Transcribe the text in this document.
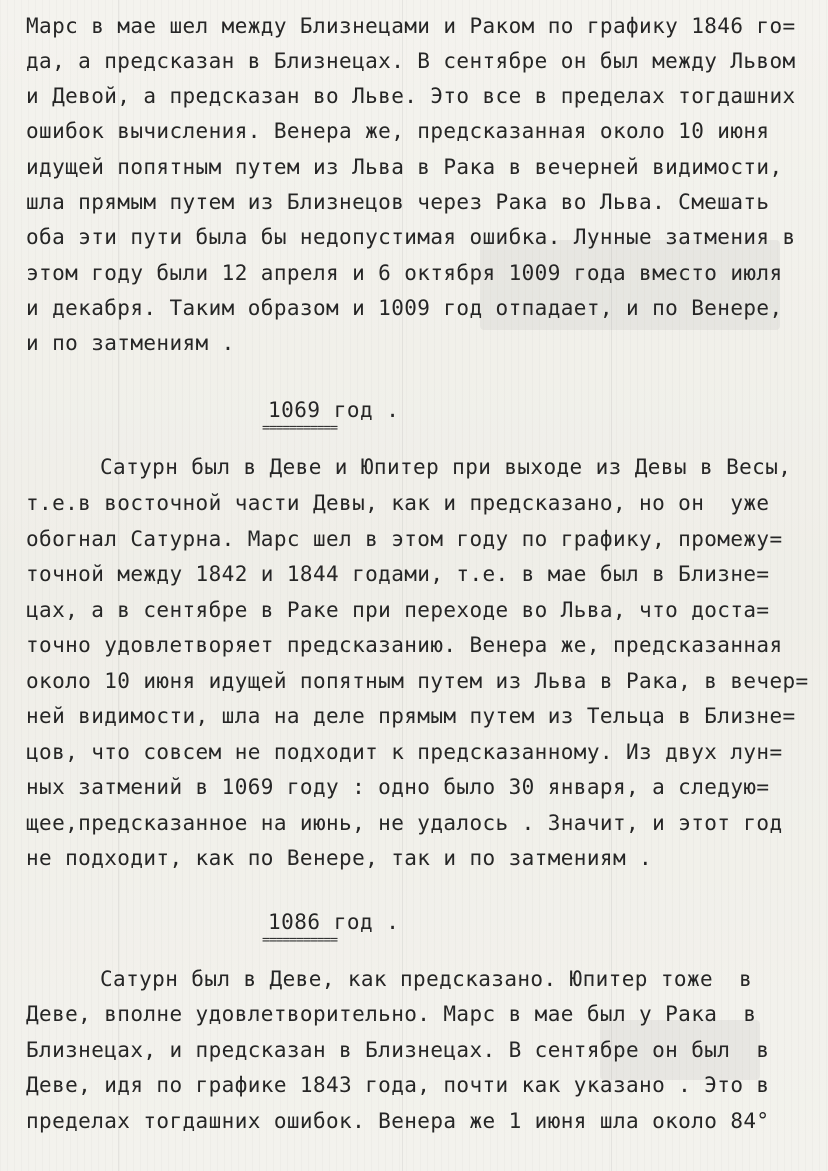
Марс в мае шел между Близнецами и Раком по графику 1846 го=
да, а предсказан в Близнецах. В сентябре он был между Львом
и Девой, а предсказан во Льве. Это все в пределах тогдашних
ошибок вычисления. Венера же, предсказанная около 10 июня
идущей попятным путем из Льва в Рака в вечерней видимости,
шла прямым путем из Близнецов через Рака во Льва. Смешать
оба эти пути была бы недопустимая ошибка. Лунные затмения в
этом году были 12 апреля и 6 октября 1009 года вместо июля
и декабря. Таким образом и 1009 год отпадает, и по Венере,
и по затмениям .
1069 год .
===========
Сатурн был в Деве и Юпитер при выходе из Девы в Весы,
т.е.в восточной части Девы, как и предсказано, но он  уже
обогнал Сатурна. Марс шел в этом году по графику, промежу=
точной между 1842 и 1844 годами, т.е. в мае был в Близне=
цах, а в сентябре в Раке при переходе во Льва, что доста=
точно удовлетворяет предсказанию. Венера же, предсказанная
около 10 июня идущей попятным путем из Льва в Рака, в вечер=
ней видимости, шла на деле прямым путем из Тельца в Близне=
цов, что совсем не подходит к предсказанному. Из двух лун=
ных затмений в 1069 году : одно было 30 января, а следую=
щее,предсказанное на июнь, не удалось . Значит, и этот год
не подходит, как по Венере, так и по затмениям .
1086 год .
===========
Сатурн был в Деве, как предсказано. Юпитер тоже  в
Деве, вполне удовлетворительно. Марс в мае был у Рака  в
Близнецах, и предсказан в Близнецах. В сентябре он был  в
Деве, идя по графике 1843 года, почти как указано . Это в
пределах тогдашних ошибок. Венера же 1 июня шла около 84°
